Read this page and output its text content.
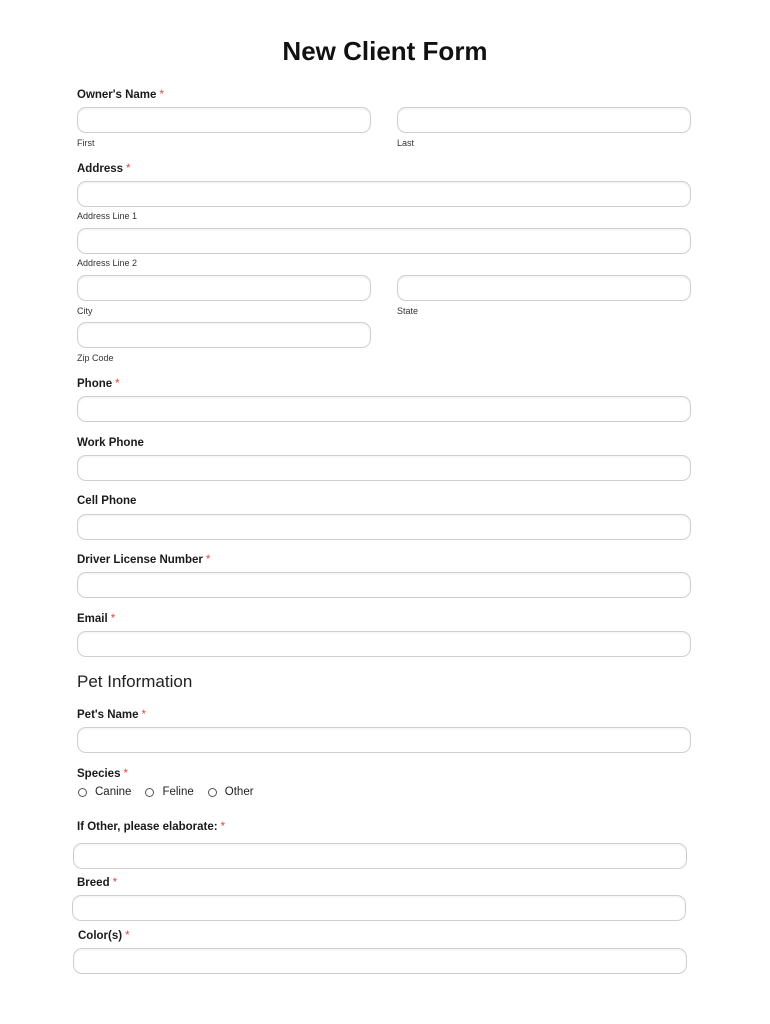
New Client Form
Owner's Name *
First	Last
Address *
Address Line 1
Address Line 2
City	State
Zip Code
Phone *
Work Phone
Cell Phone
Driver License Number *
Email *
Pet Information
Pet's Name *
Species *
Canine	Feline	Other
If Other, please elaborate: *
Breed *
Color(s) *
